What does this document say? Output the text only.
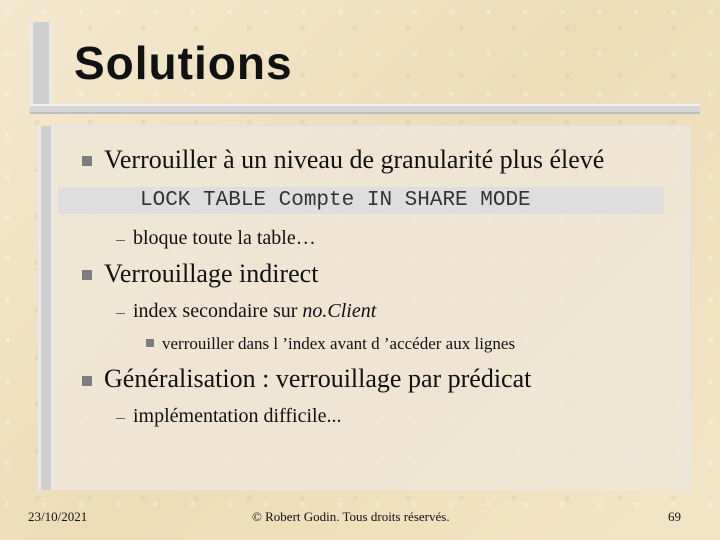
Solutions
Verrouiller à un niveau de granularité plus élevé
LOCK TABLE Compte IN SHARE MODE
bloque toute la table…
Verrouillage indirect
index secondaire sur no.Client
verrouiller dans l ’index avant d ’accéder aux lignes
Généralisation : verrouillage par prédicat
implémentation difficile...
23/10/2021	© Robert Godin. Tous droits réservés.	69
